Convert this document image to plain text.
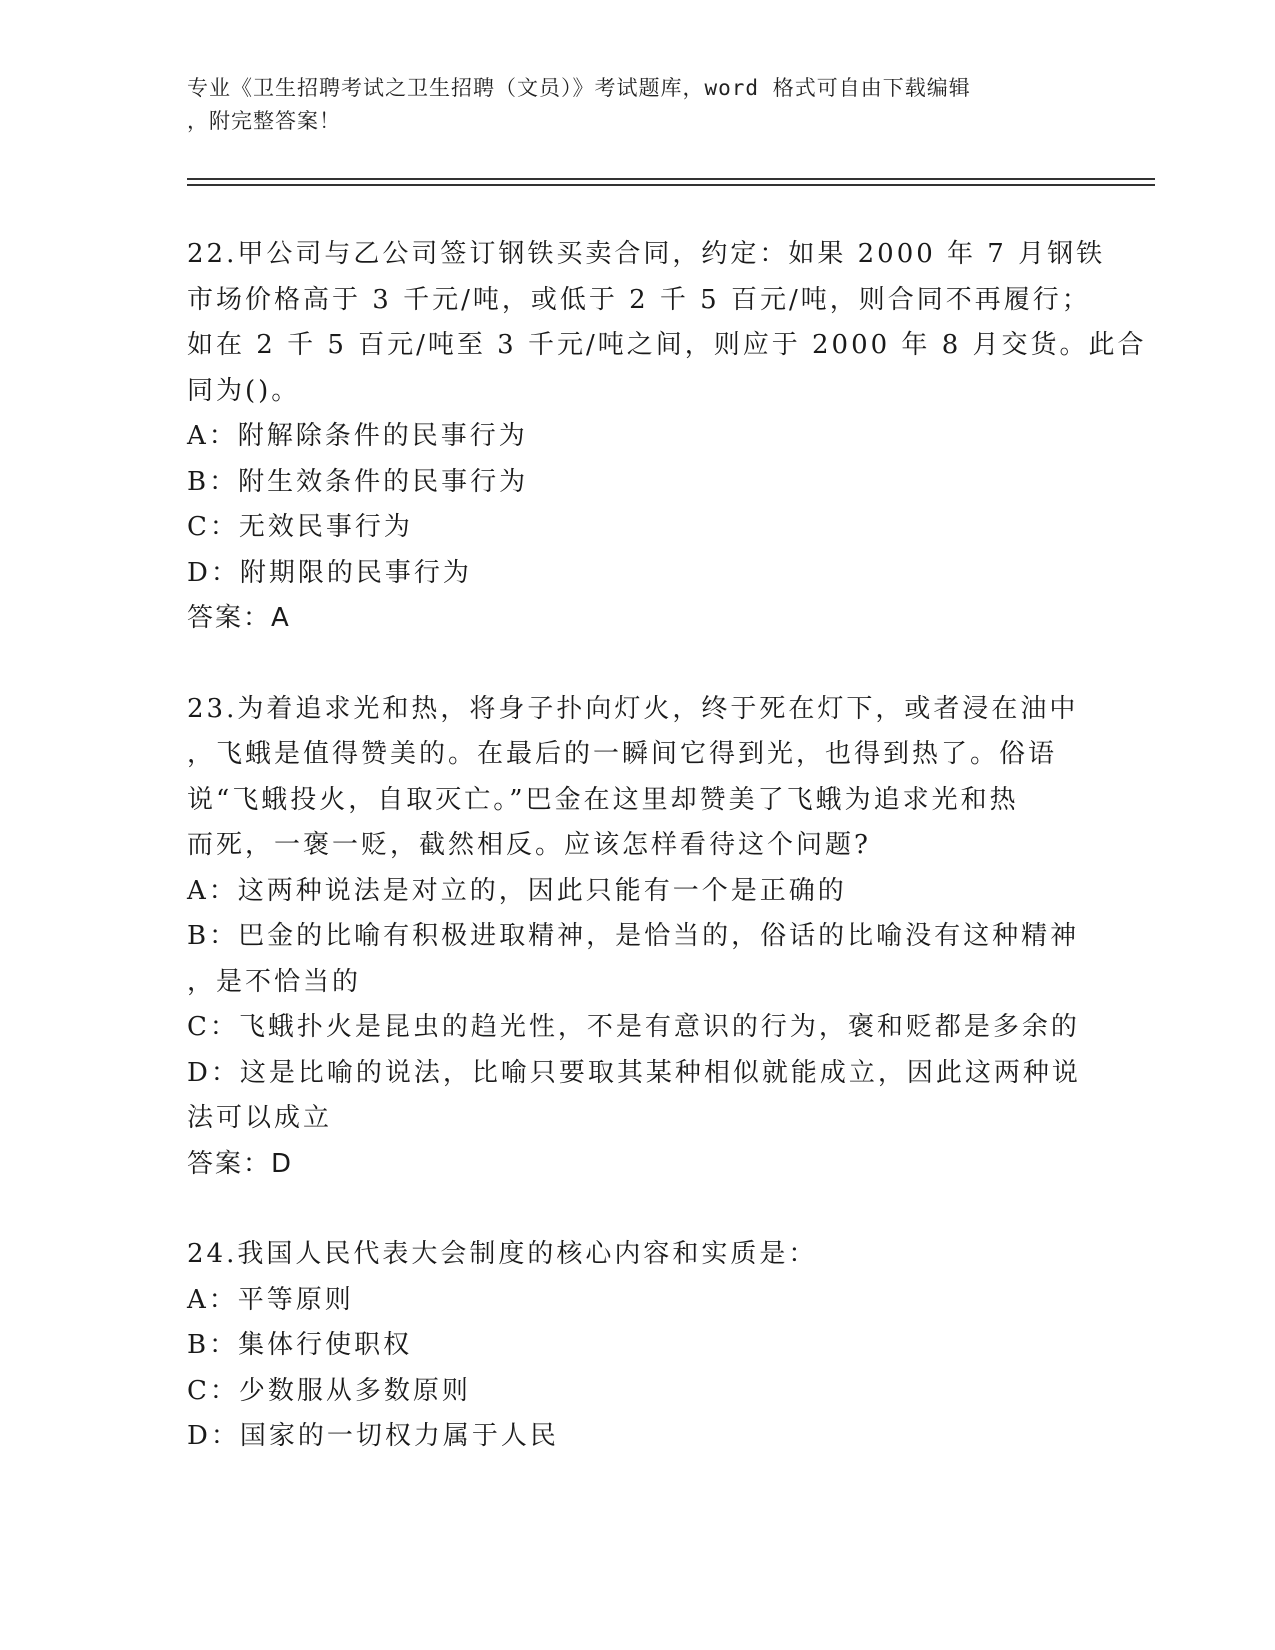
专业《卫生招聘考试之卫生招聘（文员）》考试题库，word 格式可自由下载编辑
，附完整答案！
22.甲公司与乙公司签订钢铁买卖合同，约定：如果 2000 年 7 月钢铁
市场价格高于 3 千元/吨，或低于 2 千 5 百元/吨，则合同不再履行；
如在 2 千 5 百元/吨至 3 千元/吨之间，则应于 2000 年 8 月交货。此合
同为()。
A：附解除条件的民事行为
B：附生效条件的民事行为
C：无效民事行为
D：附期限的民事行为
答案：A
23.为着追求光和热，将身子扑向灯火，终于死在灯下，或者浸在油中
，飞蛾是值得赞美的。在最后的一瞬间它得到光，也得到热了。俗语
说“飞蛾投火，自取灭亡。”巴金在这里却赞美了飞蛾为追求光和热
而死，一褒一贬，截然相反。应该怎样看待这个问题?
A：这两种说法是对立的，因此只能有一个是正确的
B：巴金的比喻有积极进取精神，是恰当的，俗话的比喻没有这种精神
，是不恰当的
C：飞蛾扑火是昆虫的趋光性，不是有意识的行为，褒和贬都是多余的
D：这是比喻的说法，比喻只要取其某种相似就能成立，因此这两种说
法可以成立
答案：D
24.我国人民代表大会制度的核心内容和实质是：
A：平等原则
B：集体行使职权
C：少数服从多数原则
D：国家的一切权力属于人民
